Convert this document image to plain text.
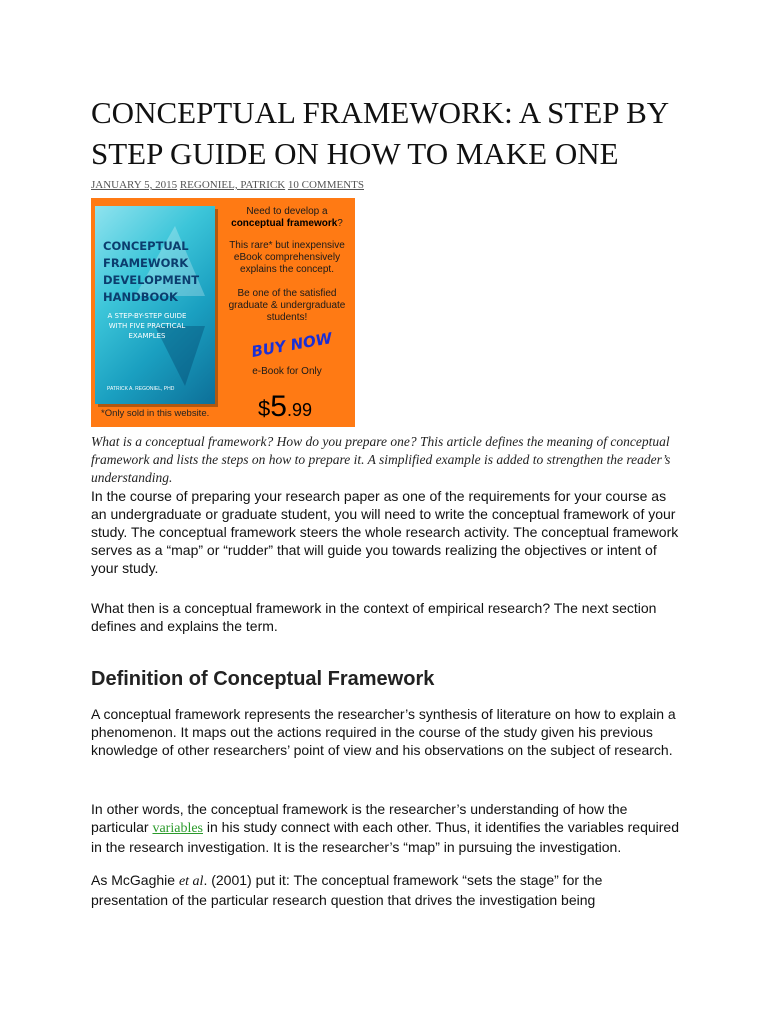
CONCEPTUAL FRAMEWORK: A STEP BY STEP GUIDE ON HOW TO MAKE ONE
JANUARY 5, 2015 REGONIEL, PATRICK 10 COMMENTS
CONCEPTUAL FRAMEWORK DEVELOPMENT HANDBOOK
A STEP-BY-STEP GUIDE WITH FIVE PRACTICAL EXAMPLES
PATRICK A. REGONIEL, PHD
Need to develop a
conceptual framework?
This rare* but inexpensive eBook comprehensively explains the concept.
Be one of the satisfied graduate & undergraduate students!
BUY NOW
e-Book for Only
$5.99
*Only sold in this website.

What is a conceptual framework? How do you prepare one? This article defines the meaning of conceptual framework and lists the steps on how to prepare it. A simplified example is added to strengthen the reader’s understanding.

In the course of preparing your research paper as one of the requirements for your course as an undergraduate or graduate student, you will need to write the conceptual framework of your study. The conceptual framework steers the whole research activity. The conceptual framework serves as a “map” or “rudder” that will guide you towards realizing the objectives or intent of your study.

What then is a conceptual framework in the context of empirical research? The next section defines and explains the term.

Definition of Conceptual Framework

A conceptual framework represents the researcher’s synthesis of literature on how to explain a phenomenon. It maps out the actions required in the course of the study given his previous knowledge of other researchers’ point of view and his observations on the subject of research.

In other words, the conceptual framework is the researcher’s understanding of how the particular variables in his study connect with each other. Thus, it identifies the variables required in the research investigation. It is the researcher’s “map” in pursuing the investigation.

As McGaghie et al. (2001) put it: The conceptual framework “sets the stage” for the presentation of the particular research question that drives the investigation being
